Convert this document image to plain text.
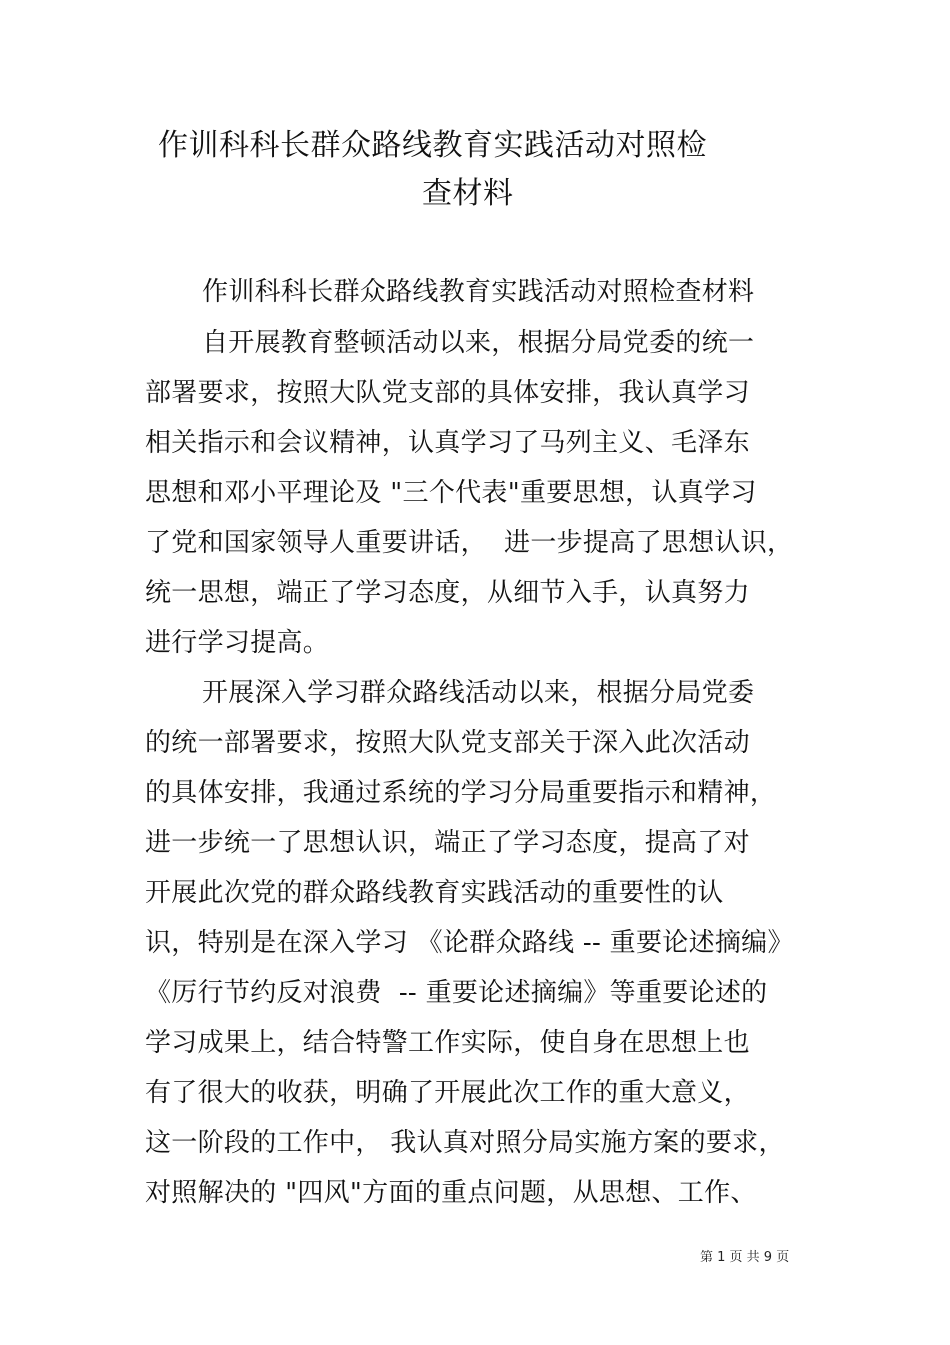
作训科科长群众路线教育实践活动对照检
查材料
作训科科长群众路线教育实践活动对照检查材料
自开展教育整顿活动以来，根据分局党委的统一
部署要求，按照大队党支部的具体安排，我认真学习
相关指示和会议精神，认真学习了马列主义、毛泽东
思想和邓小平理论及 "三个代表"重要思想，认真学习
了党和国家领导人重要讲话，  进一步提高了思想认识，
统一思想，端正了学习态度，从细节入手，认真努力
进行学习提高。
开展深入学习群众路线活动以来，根据分局党委
的统一部署要求，按照大队党支部关于深入此次活动
的具体安排，我通过系统的学习分局重要指示和精神，
进一步统一了思想认识，端正了学习态度，提高了对
开展此次党的群众路线教育实践活动的重要性的认
识，特别是在深入学习 《论群众路线 -- 重要论述摘编》
《厉行节约反对浪费  -- 重要论述摘编》等重要论述的
学习成果上，结合特警工作实际，使自身在思想上也
有了很大的收获，明确了开展此次工作的重大意义，
这一阶段的工作中， 我认真对照分局实施方案的要求，
对照解决的 "四风"方面的重点问题，从思想、工作、
第 1 页 共 9 页
